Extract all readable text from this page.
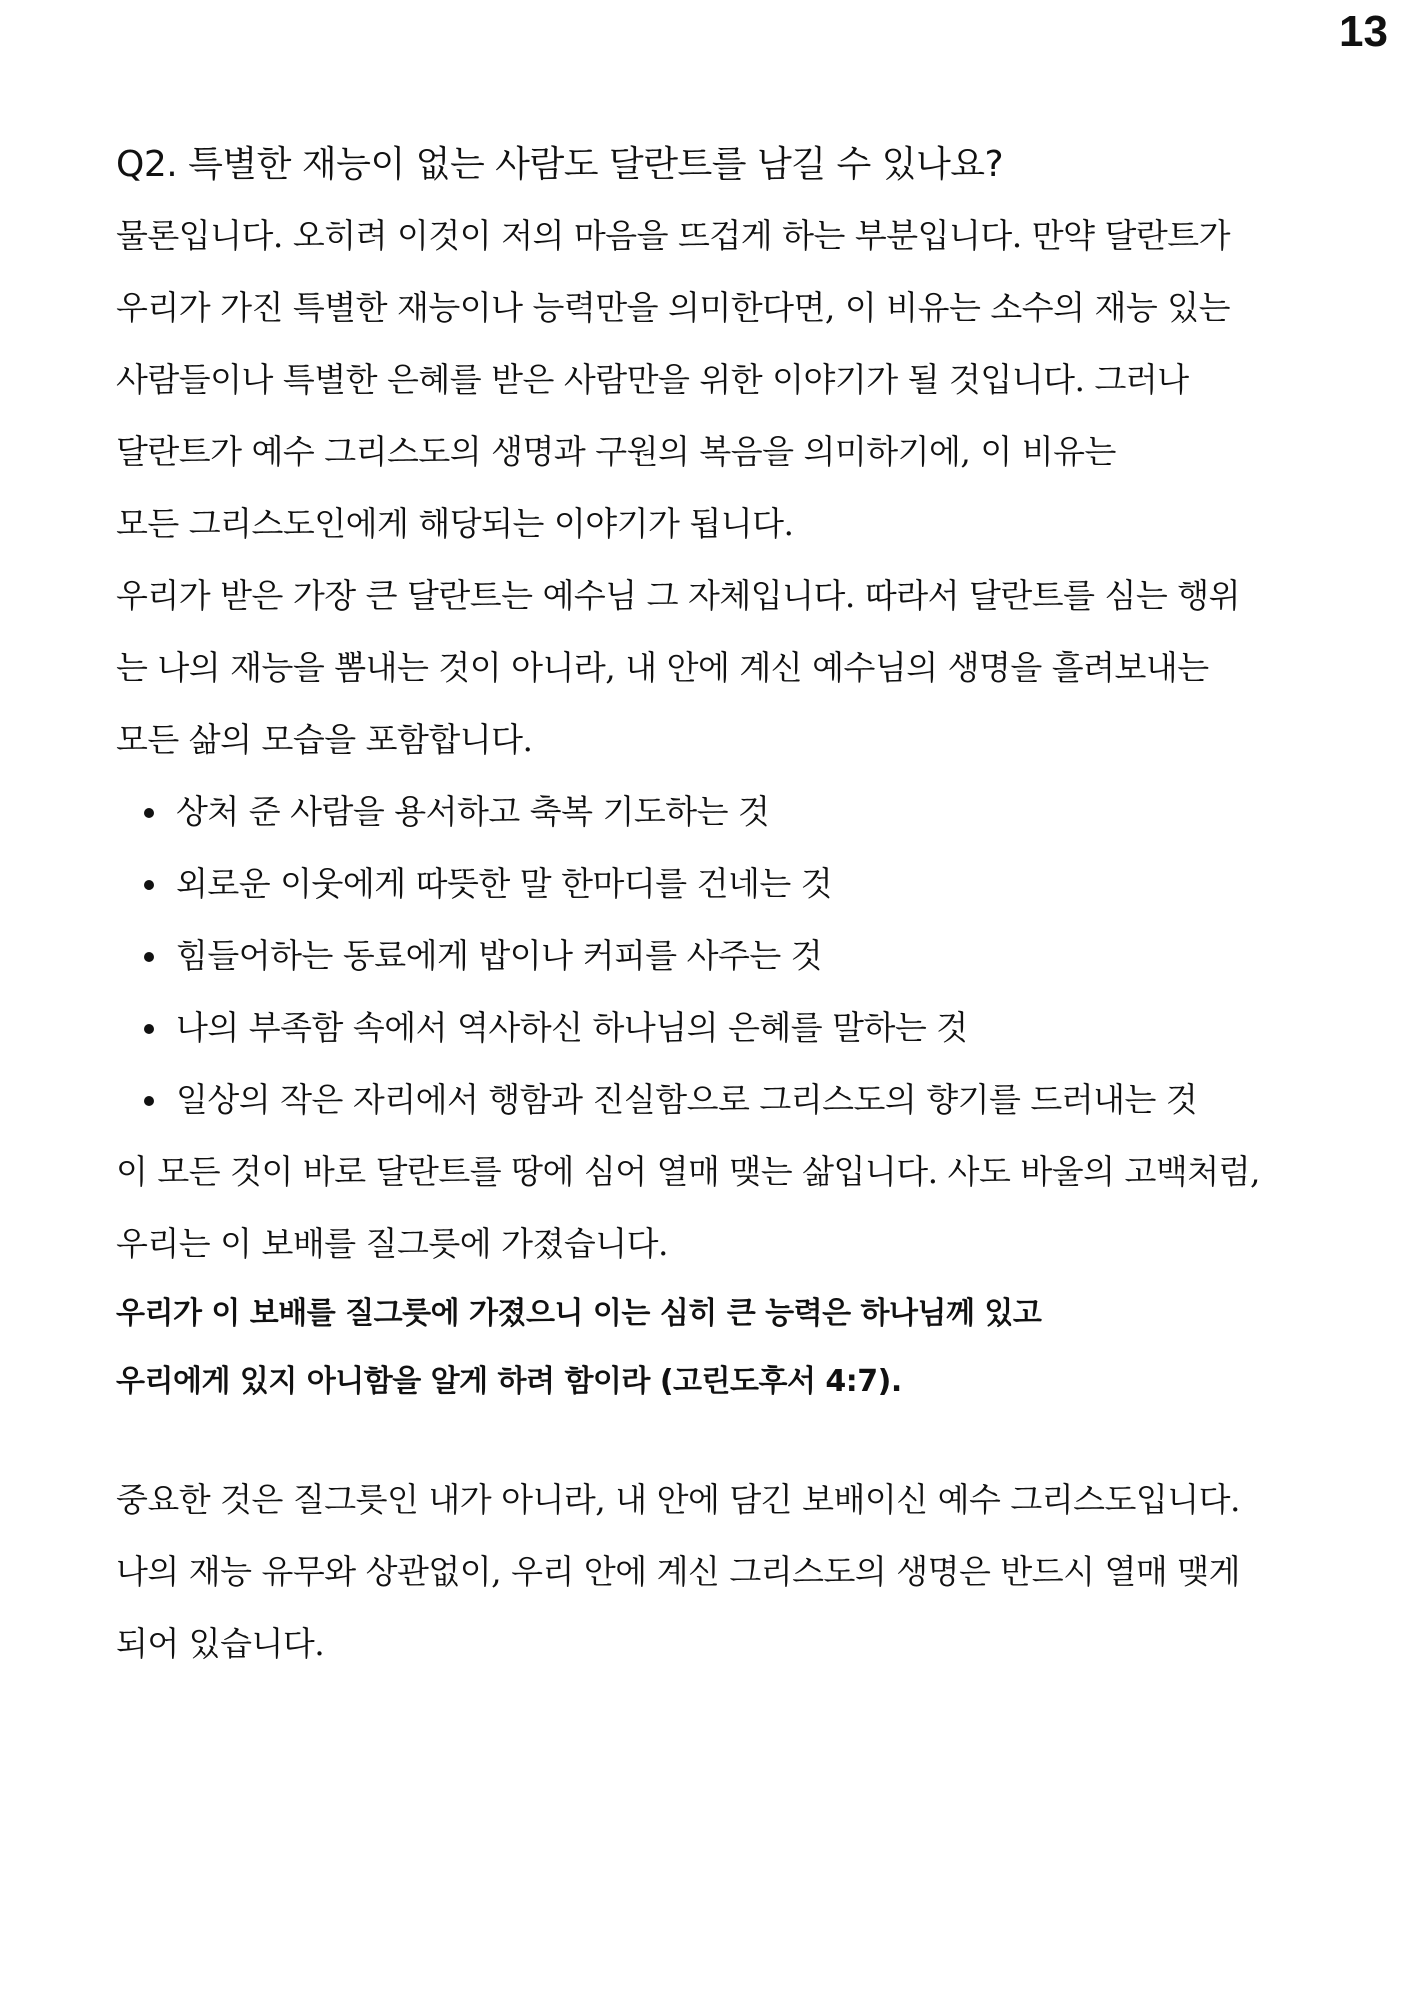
13
Q2. 특별한 재능이 없는 사람도 달란트를 남길 수 있나요?
물론입니다. 오히려 이것이 저의 마음을 뜨겁게 하는 부분입니다. 만약 달란트가
우리가 가진 특별한 재능이나 능력만을 의미한다면, 이 비유는 소수의 재능 있는
사람들이나 특별한 은혜를 받은 사람만을 위한 이야기가 될 것입니다. 그러나
달란트가 예수 그리스도의 생명과 구원의 복음을 의미하기에, 이 비유는
모든 그리스도인에게 해당되는 이야기가 됩니다.
우리가 받은 가장 큰 달란트는 예수님 그 자체입니다. 따라서 달란트를 심는 행위
는 나의 재능을 뽐내는 것이 아니라, 내 안에 계신 예수님의 생명을 흘려보내는
모든 삶의 모습을 포함합니다.
상처 준 사람을 용서하고 축복 기도하는 것
외로운 이웃에게 따뜻한 말 한마디를 건네는 것
힘들어하는 동료에게 밥이나 커피를 사주는 것
나의 부족함 속에서 역사하신 하나님의 은혜를 말하는 것
일상의 작은 자리에서 행함과 진실함으로 그리스도의 향기를 드러내는 것
이 모든 것이 바로 달란트를 땅에 심어 열매 맺는 삶입니다. 사도 바울의 고백처럼,
우리는 이 보배를 질그릇에 가졌습니다.
우리가 이 보배를 질그릇에 가졌으니 이는 심히 큰 능력은 하나님께 있고
우리에게 있지 아니함을 알게 하려 함이라 (고린도후서 4:7).
중요한 것은 질그릇인 내가 아니라, 내 안에 담긴 보배이신 예수 그리스도입니다.
나의 재능 유무와 상관없이, 우리 안에 계신 그리스도의 생명은 반드시 열매 맺게
되어 있습니다.
